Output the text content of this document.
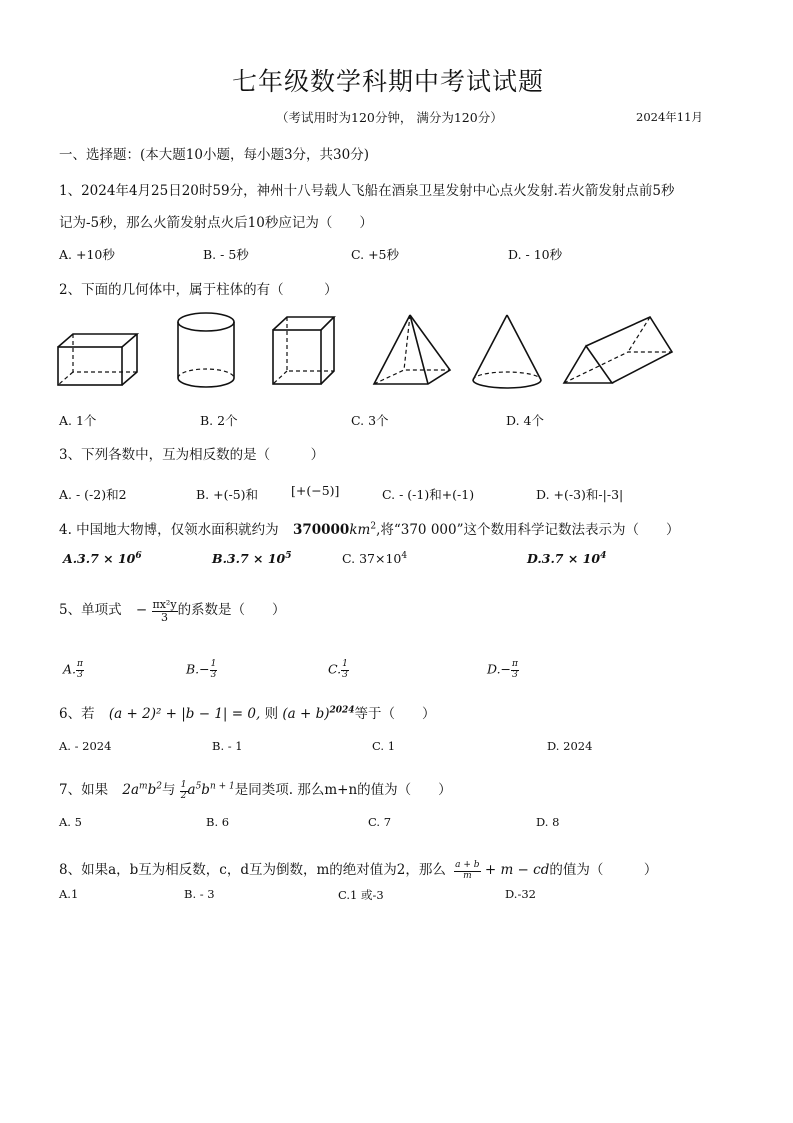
七年级数学科期中考试试题
（考试用时为120分钟， 满分为120分）	2024年11月
一、选择题：(本大题10小题，每小题3分，共30分)
1、2024年4月25日20时59分，神州十八号载人飞船在酒泉卫星发射中心点火发射.若火箭发射点前5秒
记为-5秒，那么火箭发射点火后10秒应记为（　　）
A. +10秒	B. - 5秒	C. +5秒	D. - 10秒
2、下面的几何体中，属于柱体的有（　　　）
A. 1个	B. 2个	C. 3个	D. 4个
3、下列各数中，互为相反数的是（　　　）
A. - (-2)和2	B. +(-5)和	[+(−5)]	C. - (-1)和+(-1)	D. +(-3)和-|-3|
4. 中国地大物博，仅领水面积就约为 $370000km^2$,将“370 000”这个数用科学记数法表示为（　　）
$A.3.7 \times 10^6$	$B.3.7 \times 10^5$	C. $37\times 10^4$	$D.3.7 \times 10^4$
5、单项式 − $\frac{\text{πx²y}}{3}$ 的系数是（　　）
A. $\frac{\pi}{3}$	$B.- \frac{1}{3}$	C. $\frac{1}{3}$	$D.- \frac{\pi}{3}$
6、若 (a + 2)² + |b − 1| = 0, 则 $(a + b)^{2024}$等于（　　）
A. - 2024	B. - 1	C. 1	D. 2024
7、如果 $2a^mb^2$与 $\frac{1}{2} a^5b^{n + 1}$是同类项. 那么m+n的值为（　　）
A. 5	B. 6	C. 7	D. 8
8、如果a，b互为相反数，c，d互为倒数，m的绝对值为2，那么 $\frac{a + b}{m} + m$ − cd的值为（　　　）
A.1	B. - 3	C.1 或-3	D.-32
